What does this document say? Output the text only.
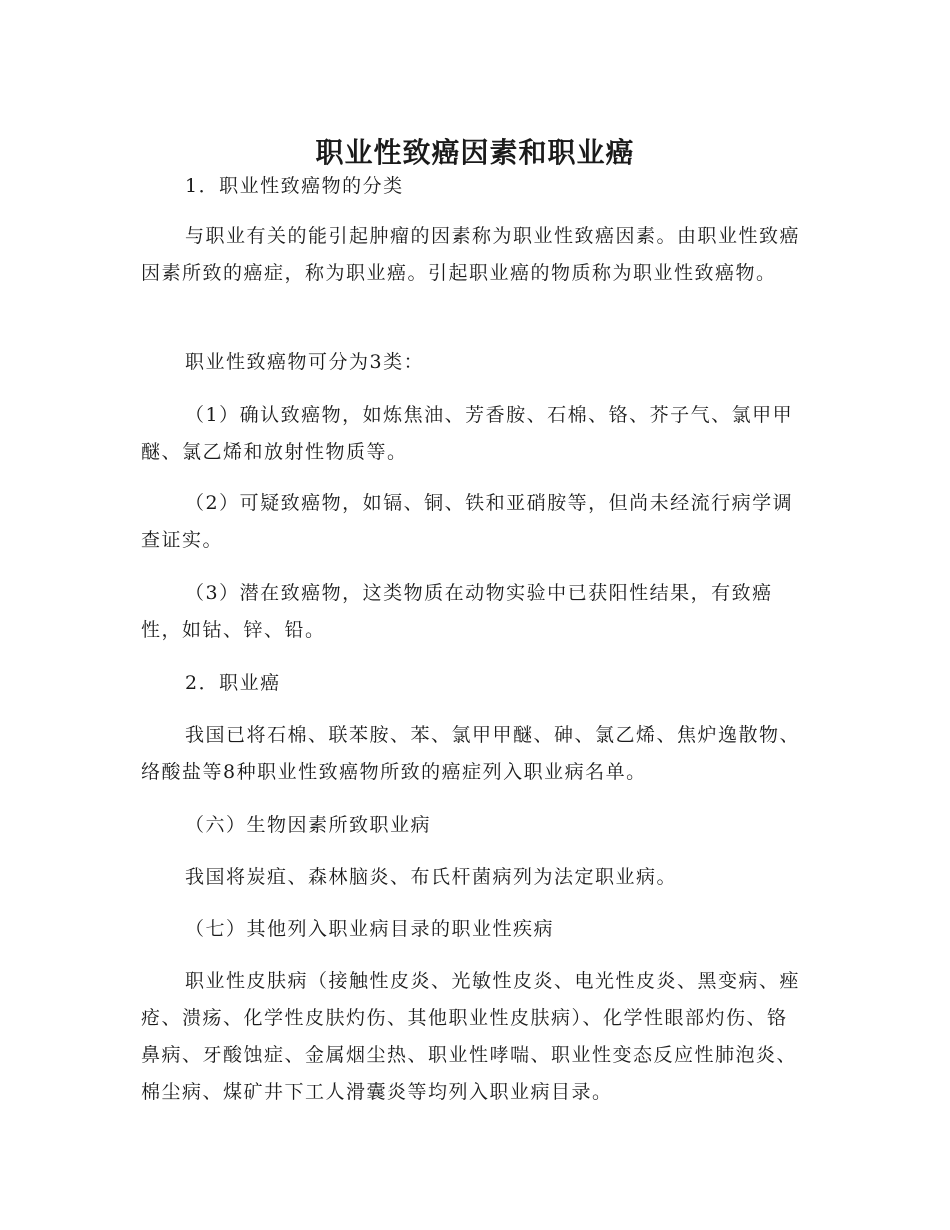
职业性致癌因素和职业癌

1．职业性致癌物的分类

与职业有关的能引起肿瘤的因素称为职业性致癌因素。由职业性致癌因素所致的癌症，称为职业癌。引起职业癌的物质称为职业性致癌物。

职业性致癌物可分为3类：

（1）确认致癌物，如炼焦油、芳香胺、石棉、铬、芥子气、氯甲甲醚、氯乙烯和放射性物质等。

（2）可疑致癌物，如镉、铜、铁和亚硝胺等，但尚未经流行病学调查证实。

（3）潜在致癌物，这类物质在动物实验中已获阳性结果，有致癌性，如钴、锌、铅。

2．职业癌

我国已将石棉、联苯胺、苯、氯甲甲醚、砷、氯乙烯、焦炉逸散物、络酸盐等8种职业性致癌物所致的癌症列入职业病名单。

（六）生物因素所致职业病

我国将炭疽、森林脑炎、布氏杆菌病列为法定职业病。

（七）其他列入职业病目录的职业性疾病

职业性皮肤病（接触性皮炎、光敏性皮炎、电光性皮炎、黑变病、痤疮、溃疡、化学性皮肤灼伤、其他职业性皮肤病）、化学性眼部灼伤、铬鼻病、牙酸蚀症、金属烟尘热、职业性哮喘、职业性变态反应性肺泡炎、棉尘病、煤矿井下工人滑囊炎等均列入职业病目录。
